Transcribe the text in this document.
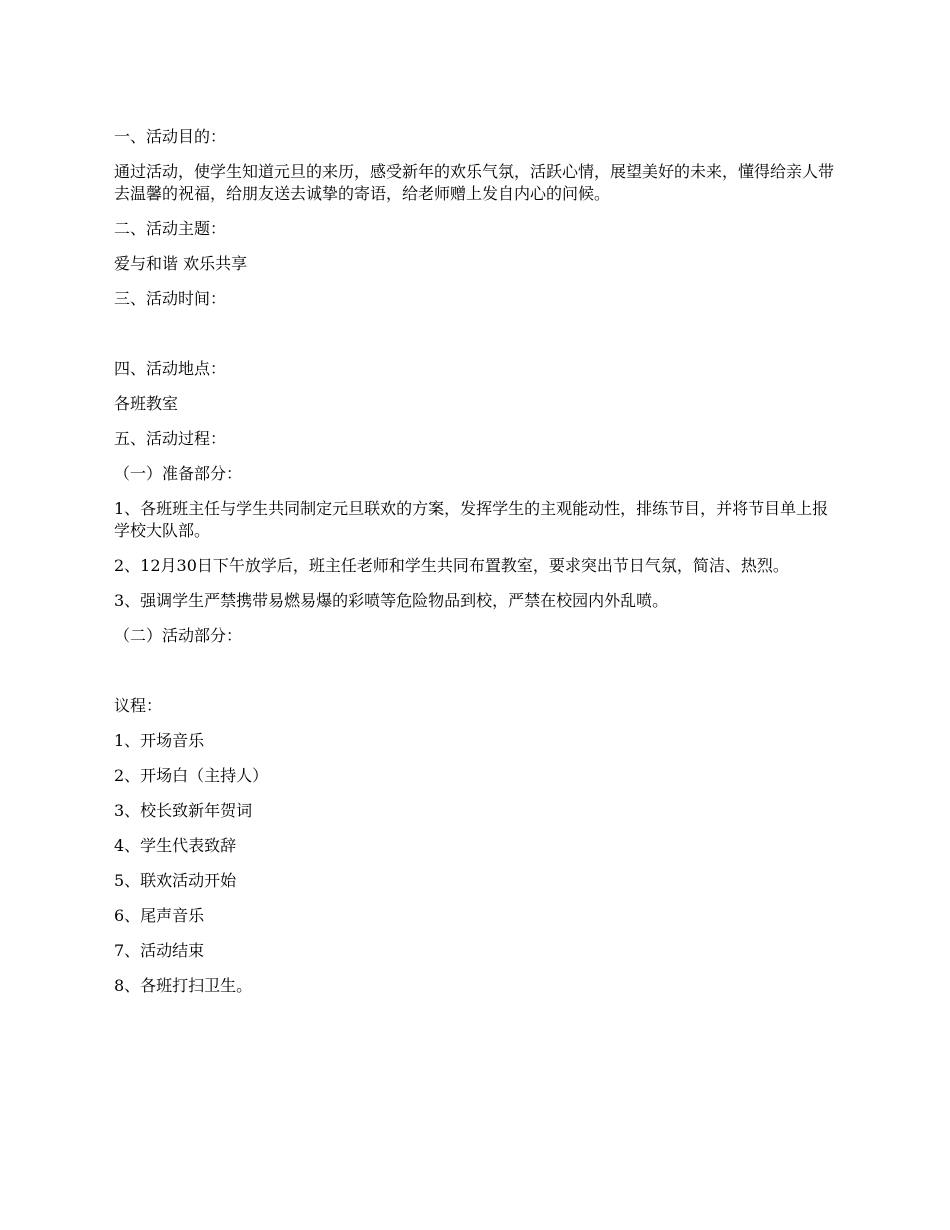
一、活动目的：

通过活动，使学生知道元旦的来历，感受新年的欢乐气氛，活跃心情，展望美好的未来，懂得给亲人带去温馨的祝福，给朋友送去诚挚的寄语，给老师赠上发自内心的问候。

二、活动主题：

爱与和谐 欢乐共享

三、活动时间：

四、活动地点：

各班教室

五、活动过程：

（一）准备部分：

1、各班班主任与学生共同制定元旦联欢的方案，发挥学生的主观能动性，排练节目，并将节目单上报学校大队部。

2、12月30日下午放学后，班主任老师和学生共同布置教室，要求突出节日气氛，简洁、热烈。

3、强调学生严禁携带易燃易爆的彩喷等危险物品到校，严禁在校园内外乱喷。

（二）活动部分：

议程：

1、开场音乐

2、开场白（主持人）

3、校长致新年贺词

4、学生代表致辞

5、联欢活动开始

6、尾声音乐

7、活动结束

8、各班打扫卫生。
